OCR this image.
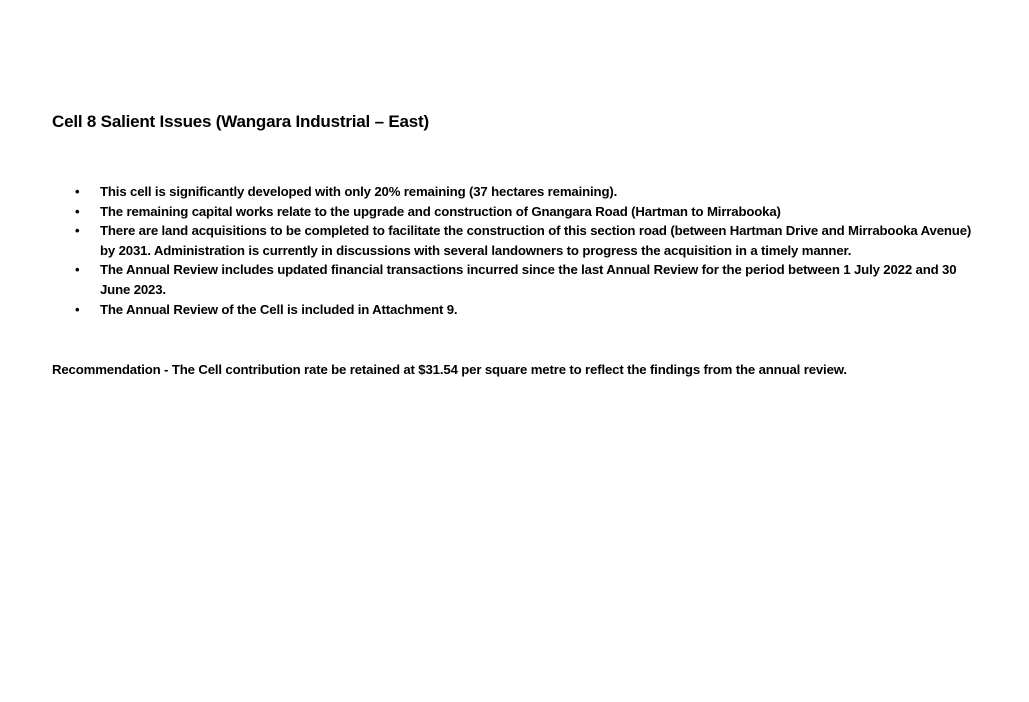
Cell 8 Salient Issues (Wangara Industrial – East)
• This cell is significantly developed with only 20% remaining (37 hectares remaining).
• The remaining capital works relate to the upgrade and construction of Gnangara Road (Hartman to Mirrabooka)
• There are land acquisitions to be completed to facilitate the construction of this section road (between Hartman Drive and Mirrabooka Avenue) by 2031. Administration is currently in discussions with several landowners to progress the acquisition in a timely manner.
• The Annual Review includes updated financial transactions incurred since the last Annual Review for the period between 1 July 2022 and 30 June 2023.
• The Annual Review of the Cell is included in Attachment 9.

Recommendation - The Cell contribution rate be retained at $31.54 per square metre to reflect the findings from the annual review.
